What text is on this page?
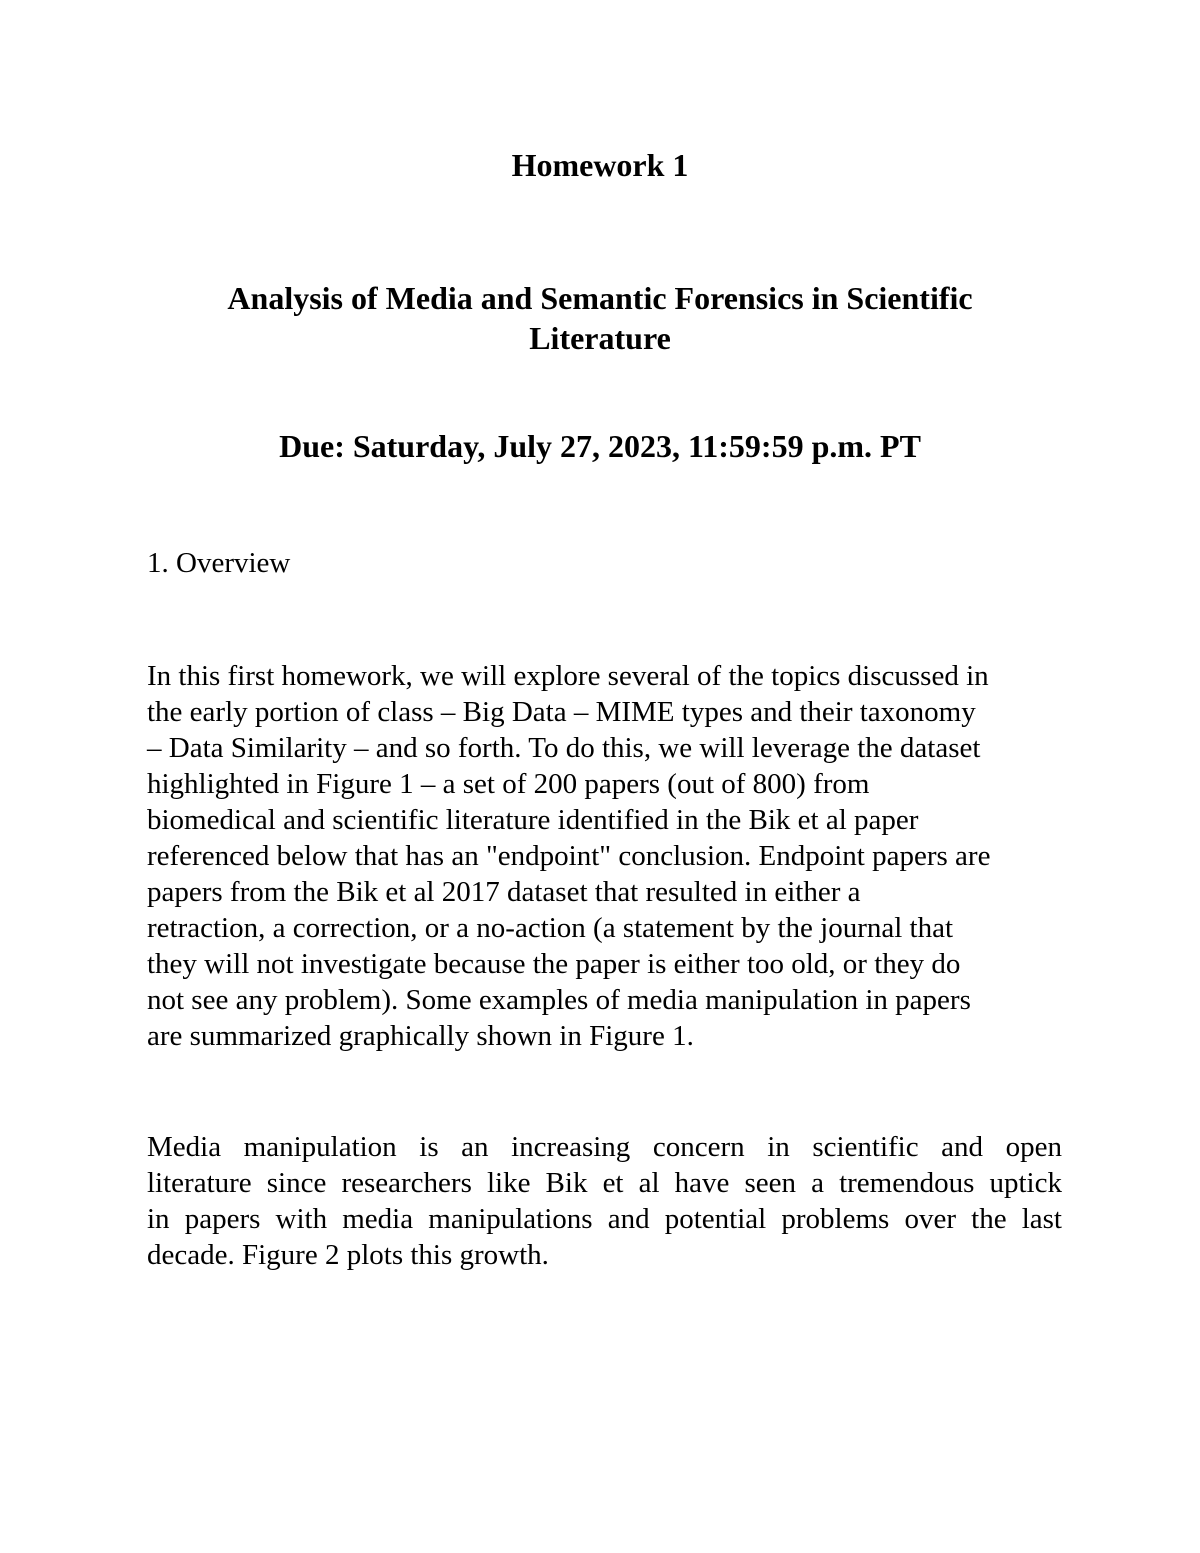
Homework 1
Analysis of Media and Semantic Forensics in Scientific
Literature
Due: Saturday, July 27, 2023, 11:59:59 p.m. PT
1. Overview

In this first homework, we will explore several of the topics discussed in
the early portion of class – Big Data – MIME types and their taxonomy
– Data Similarity – and so forth. To do this, we will leverage the dataset
highlighted in Figure 1 – a set of 200 papers (out of 800) from
biomedical and scientific literature identified in the Bik et al paper
referenced below that has an "endpoint" conclusion. Endpoint papers are
papers from the Bik et al 2017 dataset that resulted in either a
retraction, a correction, or a no-action (a statement by the journal that
they will not investigate because the paper is either too old, or they do
not see any problem). Some examples of media manipulation in papers
are summarized graphically shown in Figure 1.

Media manipulation is an increasing concern in scientific and open
literature since researchers like Bik et al have seen a tremendous uptick
in papers with media manipulations and potential problems over the last
decade. Figure 2 plots this growth.
